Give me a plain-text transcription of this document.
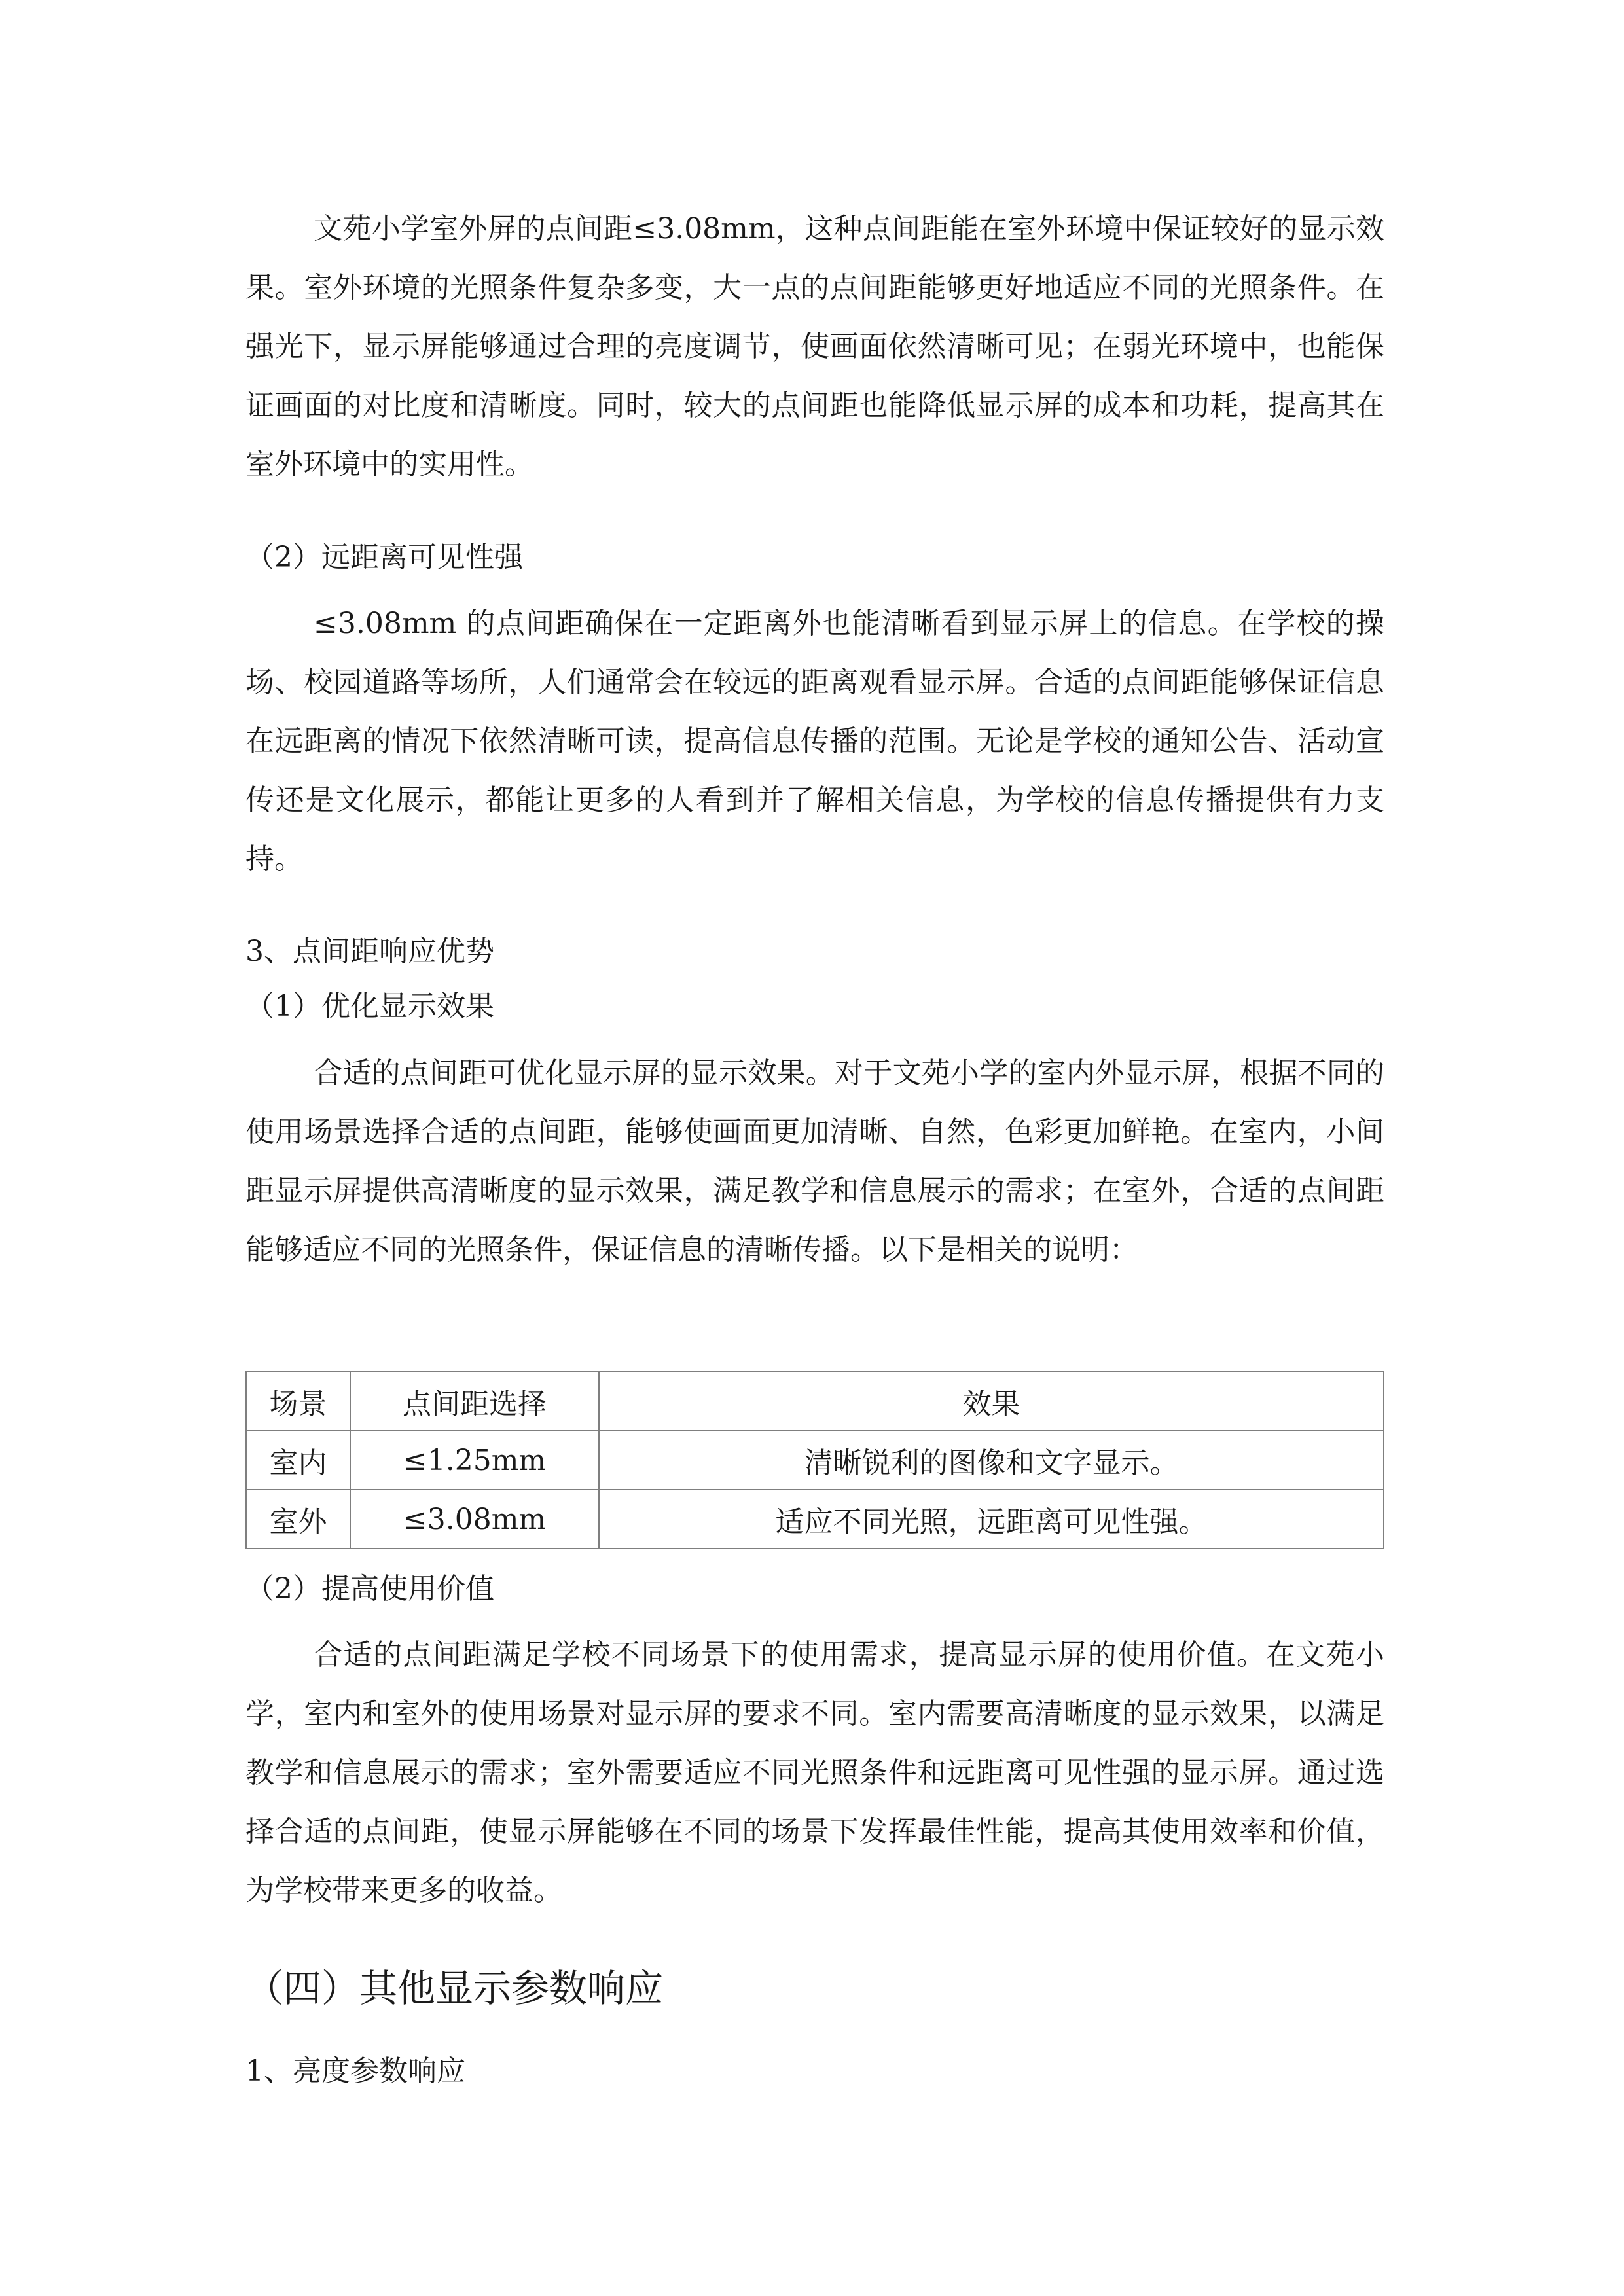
文苑小学室外屏的点间距≤3.08mm，这种点间距能在室外环境中保证较好的显示效果。室外环境的光照条件复杂多变，大一点的点间距能够更好地适应不同的光照条件。在强光下，显示屏能够通过合理的亮度调节，使画面依然清晰可见；在弱光环境中，也能保证画面的对比度和清晰度。同时，较大的点间距也能降低显示屏的成本和功耗，提高其在室外环境中的实用性。

（2）远距离可见性强

≤3.08mm 的点间距确保在一定距离外也能清晰看到显示屏上的信息。在学校的操场、校园道路等场所，人们通常会在较远的距离观看显示屏。合适的点间距能够保证信息在远距离的情况下依然清晰可读，提高信息传播的范围。无论是学校的通知公告、活动宣传还是文化展示，都能让更多的人看到并了解相关信息，为学校的信息传播提供有力支持。

3、点间距响应优势

（1）优化显示效果

合适的点间距可优化显示屏的显示效果。对于文苑小学的室内外显示屏，根据不同的使用场景选择合适的点间距，能够使画面更加清晰、自然，色彩更加鲜艳。在室内，小间距显示屏提供高清晰度的显示效果，满足教学和信息展示的需求；在室外，合适的点间距能够适应不同的光照条件，保证信息的清晰传播。以下是相关的说明：

场景	点间距选择	效果
室内	≤1.25mm	清晰锐利的图像和文字显示。
室外	≤3.08mm	适应不同光照，远距离可见性强。

（2）提高使用价值

合适的点间距满足学校不同场景下的使用需求，提高显示屏的使用价值。在文苑小学，室内和室外的使用场景对显示屏的要求不同。室内需要高清晰度的显示效果，以满足教学和信息展示的需求；室外需要适应不同光照条件和远距离可见性强的显示屏。通过选择合适的点间距，使显示屏能够在不同的场景下发挥最佳性能，提高其使用效率和价值，为学校带来更多的收益。

（四）其他显示参数响应

1、亮度参数响应
